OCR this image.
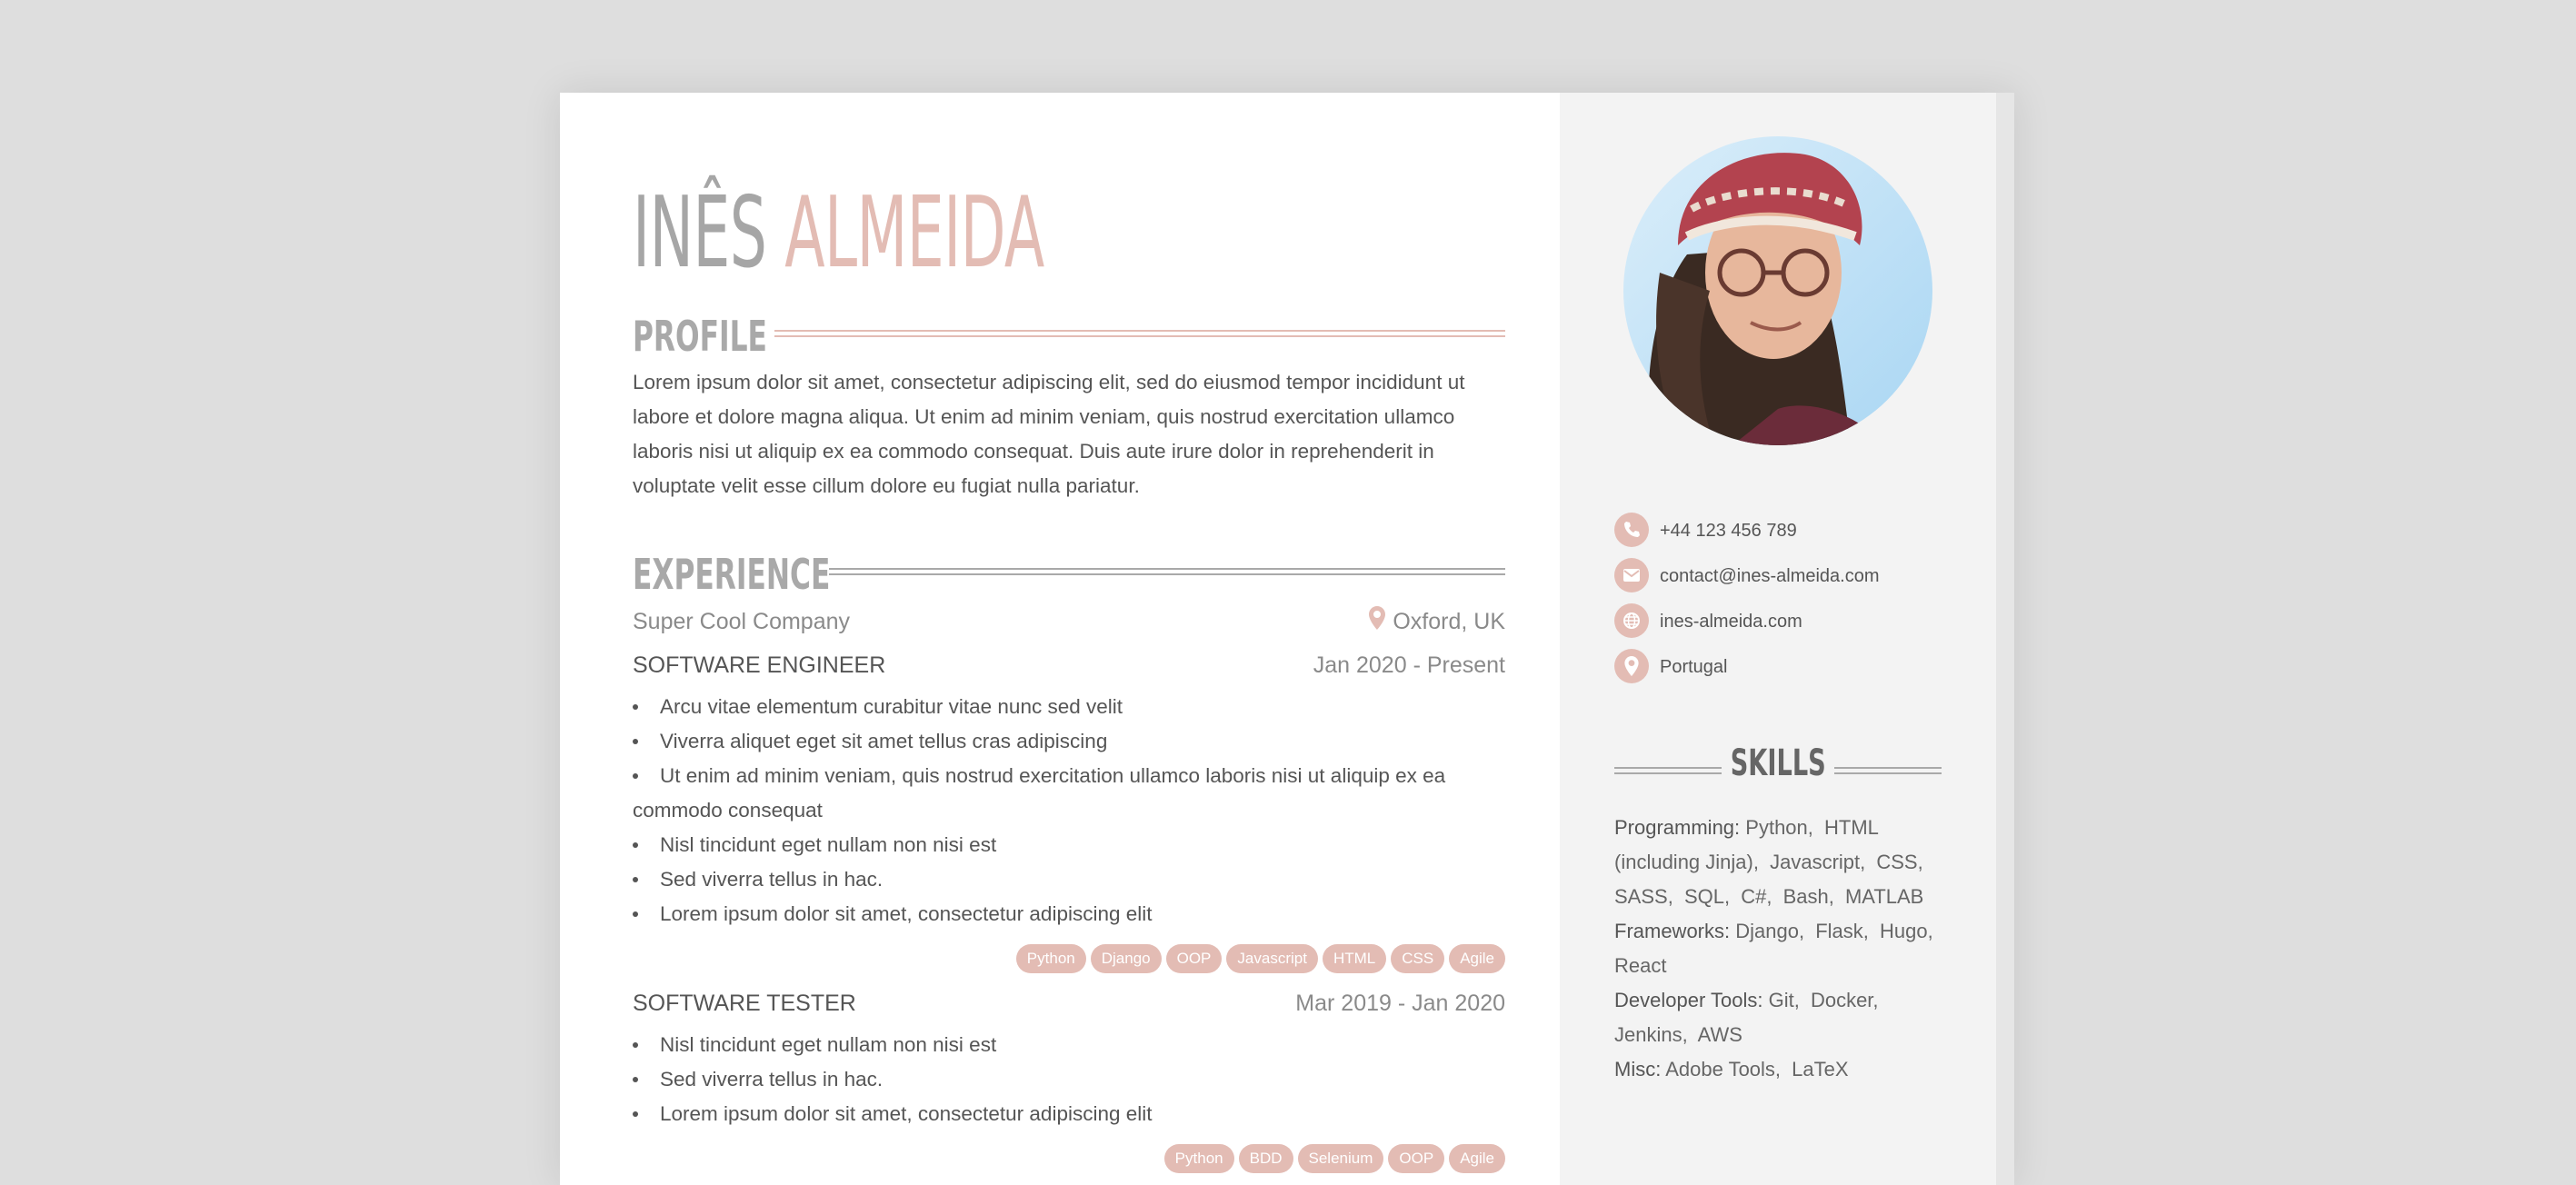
INÊS ALMEIDA
PROFILE
Lorem ipsum dolor sit amet, consectetur adipiscing elit, sed do eiusmod tempor incididunt ut
labore et dolore magna aliqua. Ut enim ad minim veniam, quis nostrud exercitation ullamco
laboris nisi ut aliquip ex ea commodo consequat. Duis aute irure dolor in reprehenderit in
voluptate velit esse cillum dolore eu fugiat nulla pariatur.
EXPERIENCE
Super Cool Company	Oxford, UK
SOFTWARE ENGINEER	Jan 2020 - Present
Arcu vitae elementum curabitur vitae nunc sed velit
Viverra aliquet eget sit amet tellus cras adipiscing
Ut enim ad minim veniam, quis nostrud exercitation ullamco laboris nisi ut aliquip ex ea
commodo consequat
Nisl tincidunt eget nullam non nisi est
Sed viverra tellus in hac.
Lorem ipsum dolor sit amet, consectetur adipiscing elit
Python Django OOP Javascript HTML CSS Agile
SOFTWARE TESTER	Mar 2019 - Jan 2020
Nisl tincidunt eget nullam non nisi est
Sed viverra tellus in hac.
Lorem ipsum dolor sit amet, consectetur adipiscing elit
Python BDD Selenium OOP Agile
+44 123 456 789
contact@ines-almeida.com
ines-almeida.com
Portugal
SKILLS
Programming: Python, HTML (including Jinja), Javascript, CSS, SASS, SQL, C#, Bash, MATLAB
Frameworks: Django, Flask, Hugo, React
Developer Tools: Git, Docker, Jenkins, AWS
Misc: Adobe Tools, LaTeX
